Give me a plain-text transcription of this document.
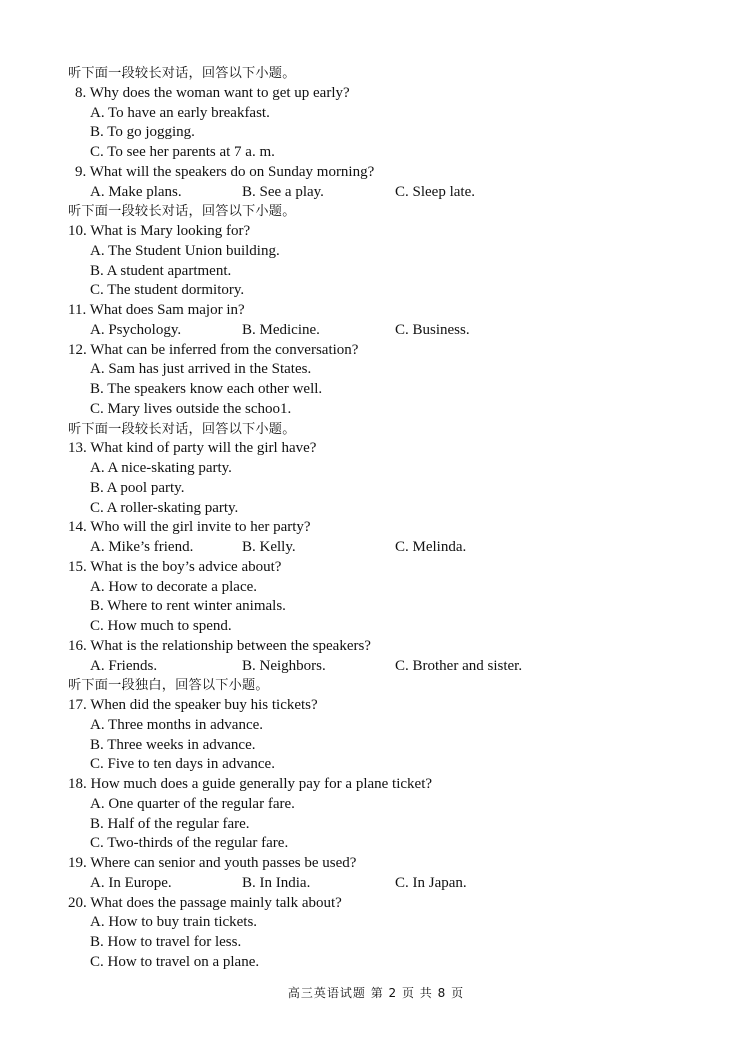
听下面一段较长对话，回答以下小题。
8. Why does the woman want to get up early?
A. To have an early breakfast.
B. To go jogging.
C. To see her parents at 7 a. m.
9. What will the speakers do on Sunday morning?
A. Make plans.	B. See a play.	C. Sleep late.
听下面一段较长对话，回答以下小题。
10. What is Mary looking for?
A. The Student Union building.
B. A student apartment.
C. The student dormitory.
11. What does Sam major in?
A. Psychology.	B. Medicine.	C. Business.
12. What can be inferred from the conversation?
A. Sam has just arrived in the States.
B. The speakers know each other well.
C. Mary lives outside the schoo1.
听下面一段较长对话，回答以下小题。
13. What kind of party will the girl have?
A. A nice-skating party.
B. A pool party.
C. A roller-skating party.
14. Who will the girl invite to her party?
A. Mike’s friend.	B. Kelly.	C. Melinda.
15. What is the boy’s advice about?
A. How to decorate a place.
B. Where to rent winter animals.
C. How much to spend.
16. What is the relationship between the speakers?
A. Friends.	B. Neighbors.	C. Brother and sister.
听下面一段独白，回答以下小题。
17. When did the speaker buy his tickets?
A. Three months in advance.
B. Three weeks in advance.
C. Five to ten days in advance.
18. How much does a guide generally pay for a plane ticket?
A. One quarter of the regular fare.
B. Half of the regular fare.
C. Two-thirds of the regular fare.
19. Where can senior and youth passes be used?
A. In Europe.	B. In India.	C. In Japan.
20. What does the passage mainly talk about?
A. How to buy train tickets.
B. How to travel for less.
C. How to travel on a plane.
高三英语试题 第 2 页 共 8 页
